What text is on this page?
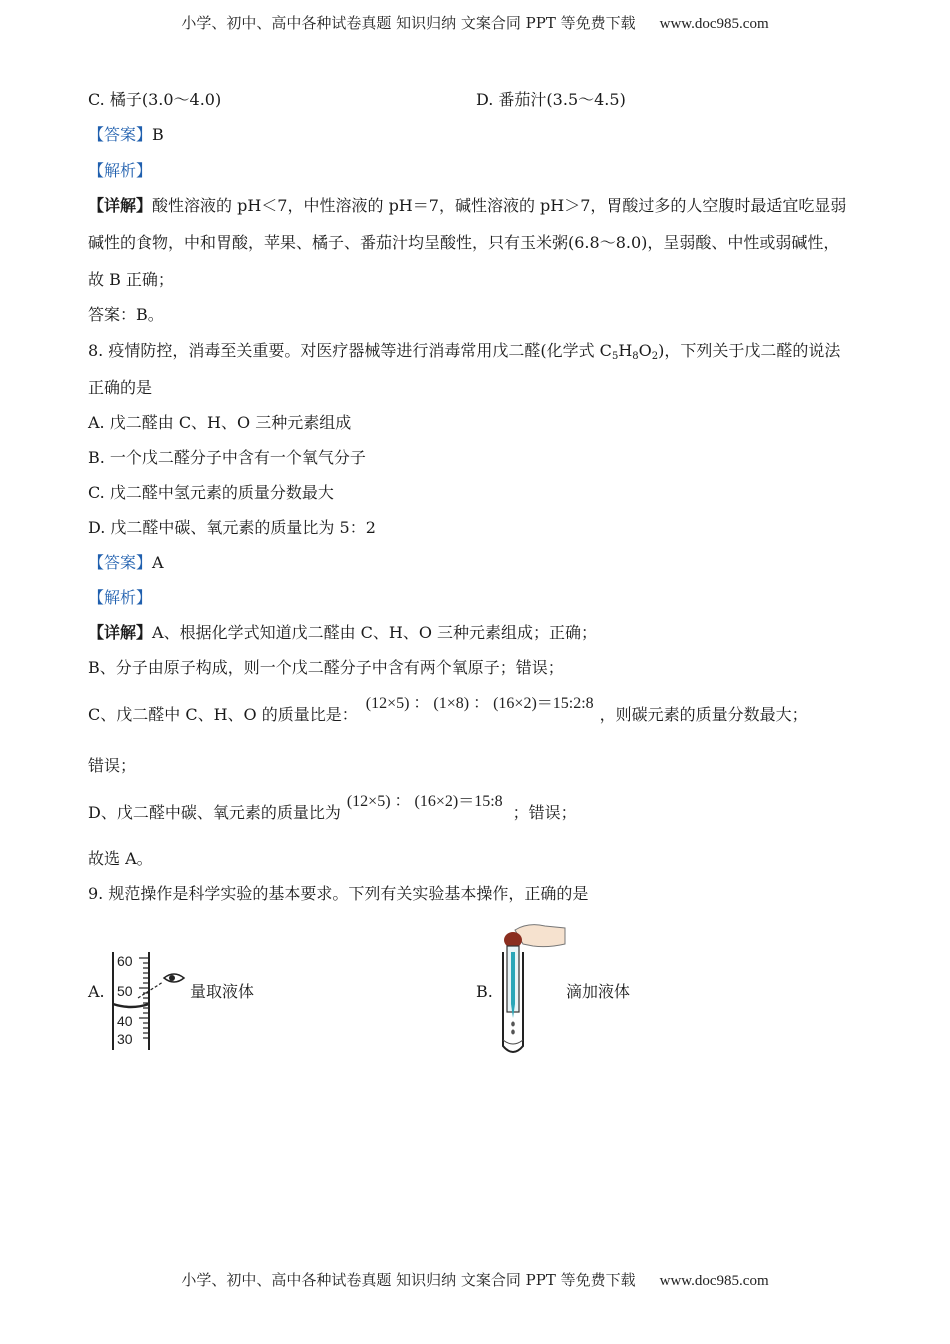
小学、初中、高中各种试卷真题 知识归纳 文案合同 PPT 等免费下载 www.doc985.com
C. 橘子(3.0～4.0)	D. 番茄汁(3.5～4.5)
【答案】B
【解析】
【详解】酸性溶液的 pH＜7，中性溶液的 pH＝7，碱性溶液的 pH＞7，胃酸过多的人空腹时最适宜吃显弱
碱性的食物，中和胃酸，苹果、橘子、番茄汁均呈酸性，只有玉米粥(6.8～8.0)，呈弱酸、中性或弱碱性，
故 B 正确；
答案：B。
8. 疫情防控，消毒至关重要。对医疗器械等进行消毒常用戊二醛(化学式 $C_5H_8O_2$)，下列关于戊二醛的说法
正确的是
A. 戊二醛由 C、H、O 三种元素组成
B. 一个戊二醛分子中含有一个氧气分子
C. 戊二醛中氢元素的质量分数最大
D. 戊二醛中碳、氧元素的质量比为 5：2
【答案】A
【解析】
【详解】A、根据化学式知道戊二醛由 C、H、O 三种元素组成；正确；
B、分子由原子构成，则一个戊二醛分子中含有两个氧原子；错误；
C、戊二醛中 C、H、O 的质量比是：(12×5) ： (1×8) ： (16×2)＝15:2:8，则碳元素的质量分数最大；
错误；
D、戊二醛中碳、氧元素的质量比为(12×5) ： (16×2)＝15:8；错误；
故选 A。
9. 规范操作是科学实验的基本要求。下列有关实验基本操作，正确的是
A.
60
50
40
30
量取液体	B.	滴加液体
小学、初中、高中各种试卷真题 知识归纳 文案合同 PPT 等免费下载 www.doc985.com
